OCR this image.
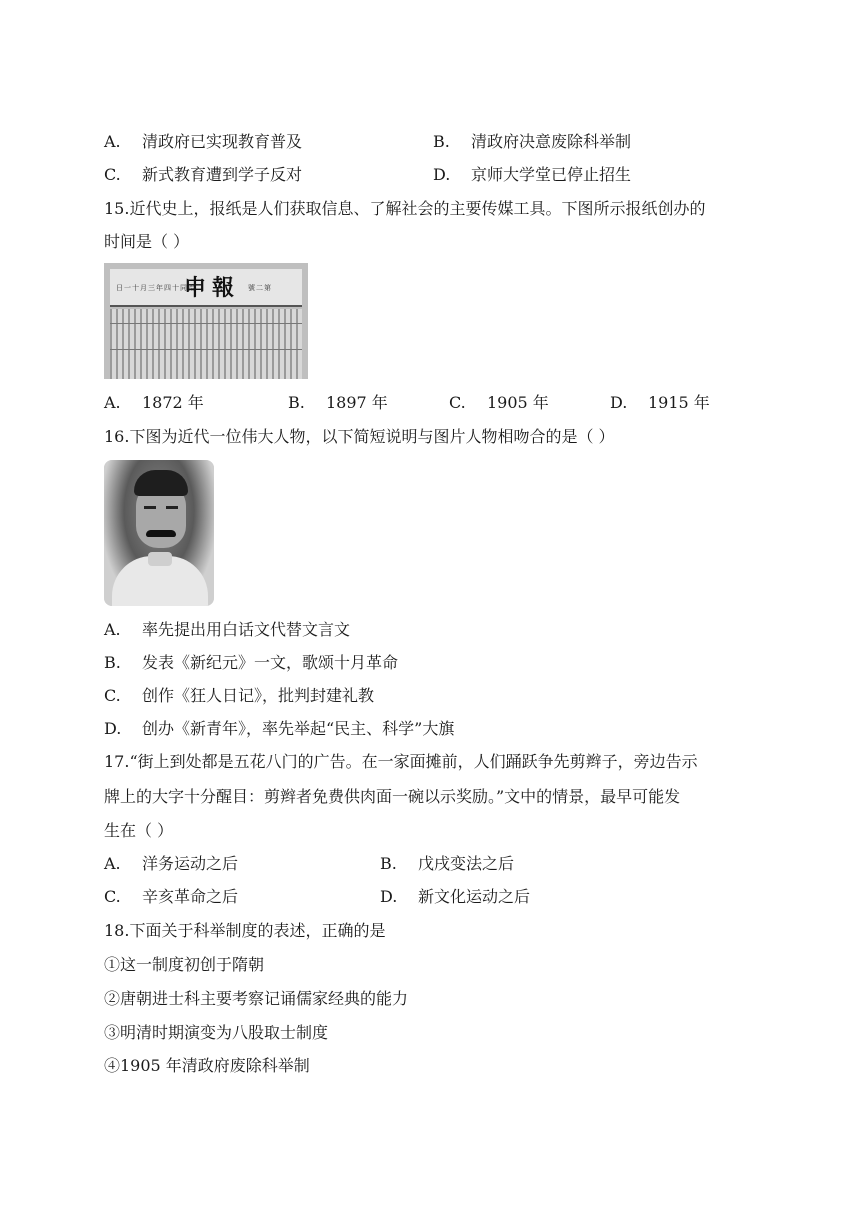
A. 清政府已实现教育普及	B. 清政府决意废除科举制
C. 新式教育遭到学子反对	D. 京师大学堂已停止招生
15.近代史上，报纸是人们获取信息、了解社会的主要传媒工具。下图所示报纸创办的
时间是（ ）
日一十月三年四十同治
申報 號二第
A. 1872 年	B. 1897 年	C. 1905 年	D. 1915 年
16.下图为近代一位伟大人物，以下简短说明与图片人物相吻合的是（ ）
A. 率先提出用白话文代替文言文
B. 发表《新纪元》一文，歌颂十月革命
C. 创作《狂人日记》，批判封建礼教
D. 创办《新青年》，率先举起“民主、科学”大旗
17.“街上到处都是五花八门的广告。在一家面摊前，人们踊跃争先剪辫子，旁边告示
牌上的大字十分醒目：剪辫者免费供肉面一碗以示奖励。”文中的情景，最早可能发
生在（ ）
A. 洋务运动之后	B. 戊戌变法之后
C. 辛亥革命之后	D. 新文化运动之后
18.下面关于科举制度的表述，正确的是
①这一制度初创于隋朝
②唐朝进士科主要考察记诵儒家经典的能力
③明清时期演变为八股取士制度
④1905 年清政府废除科举制
